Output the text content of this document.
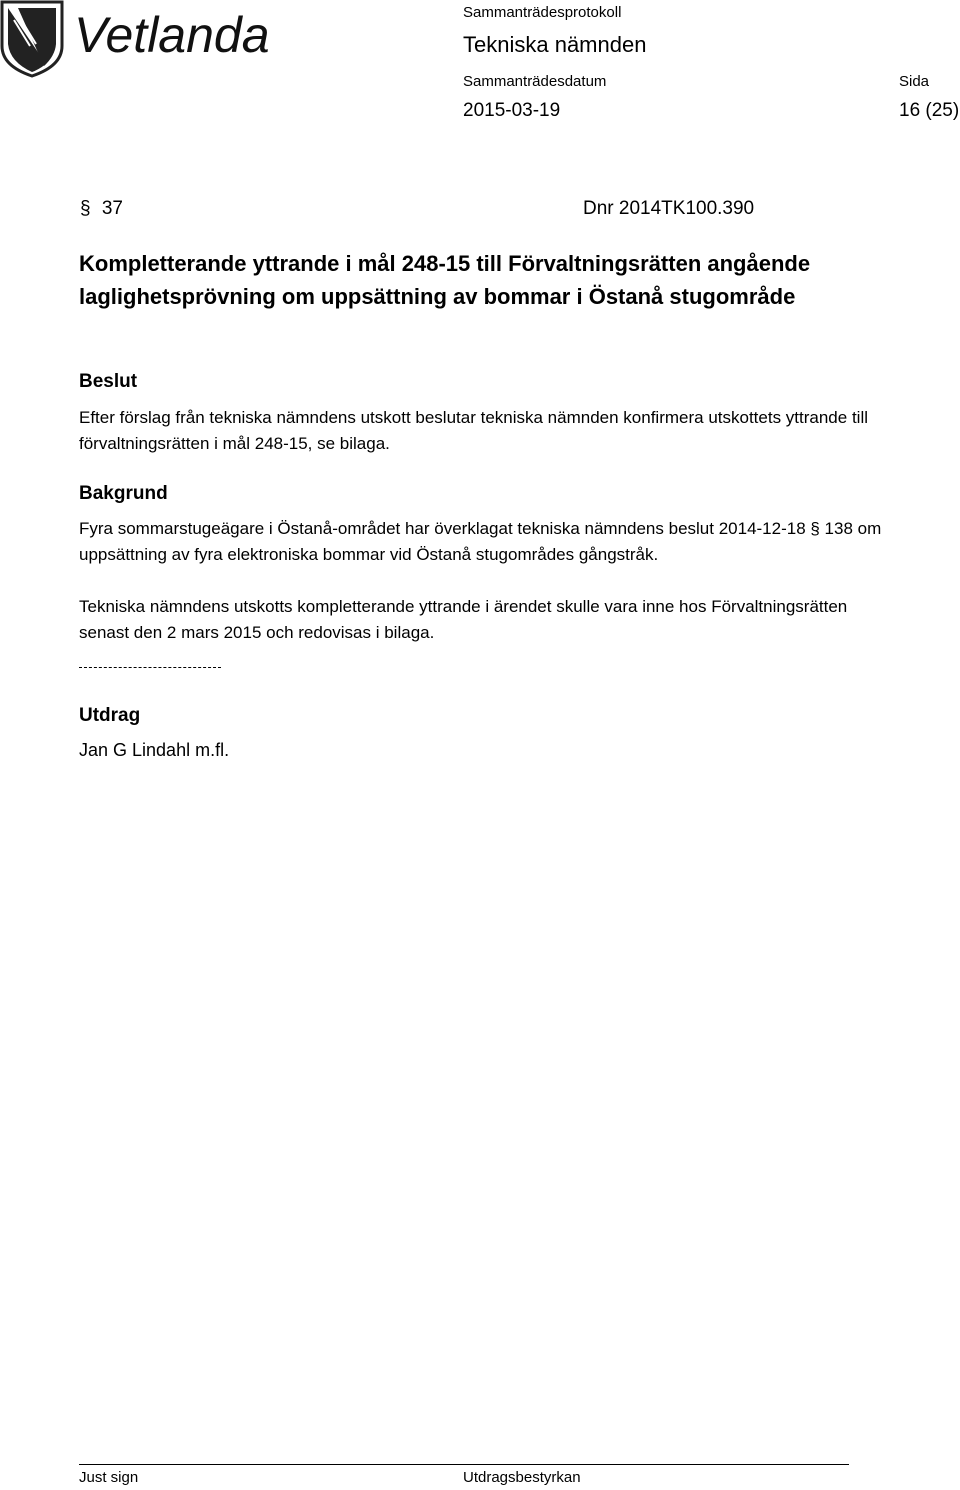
Vetlanda	Sammanträdesprotokoll
Tekniska nämnden
Sammanträdesdatum	Sida
2015-03-19	16 (25)
§ 37	Dnr 2014TK100.390
Kompletterande yttrande i mål 248-15 till Förvaltningsrätten angående laglighetsprövning om uppsättning av bommar i Östanå stugområde
Beslut

Efter förslag från tekniska nämndens utskott beslutar tekniska nämnden konfirmera utskottets yttrande till förvaltningsrätten i mål 248-15, se bilaga.

Bakgrund

Fyra sommarstugeägare i Östanå-området har överklagat tekniska nämndens beslut 2014-12-18 § 138 om uppsättning av fyra elektroniska bommar vid Östanå stugområdes gångstråk.

Tekniska nämndens utskotts kompletterande yttrande i ärendet skulle vara inne hos Förvaltningsrätten senast den 2 mars 2015 och redovisas i bilaga.

Utdrag
Jan G Lindahl m.fl.
Just sign	Utdragsbestyrkan
